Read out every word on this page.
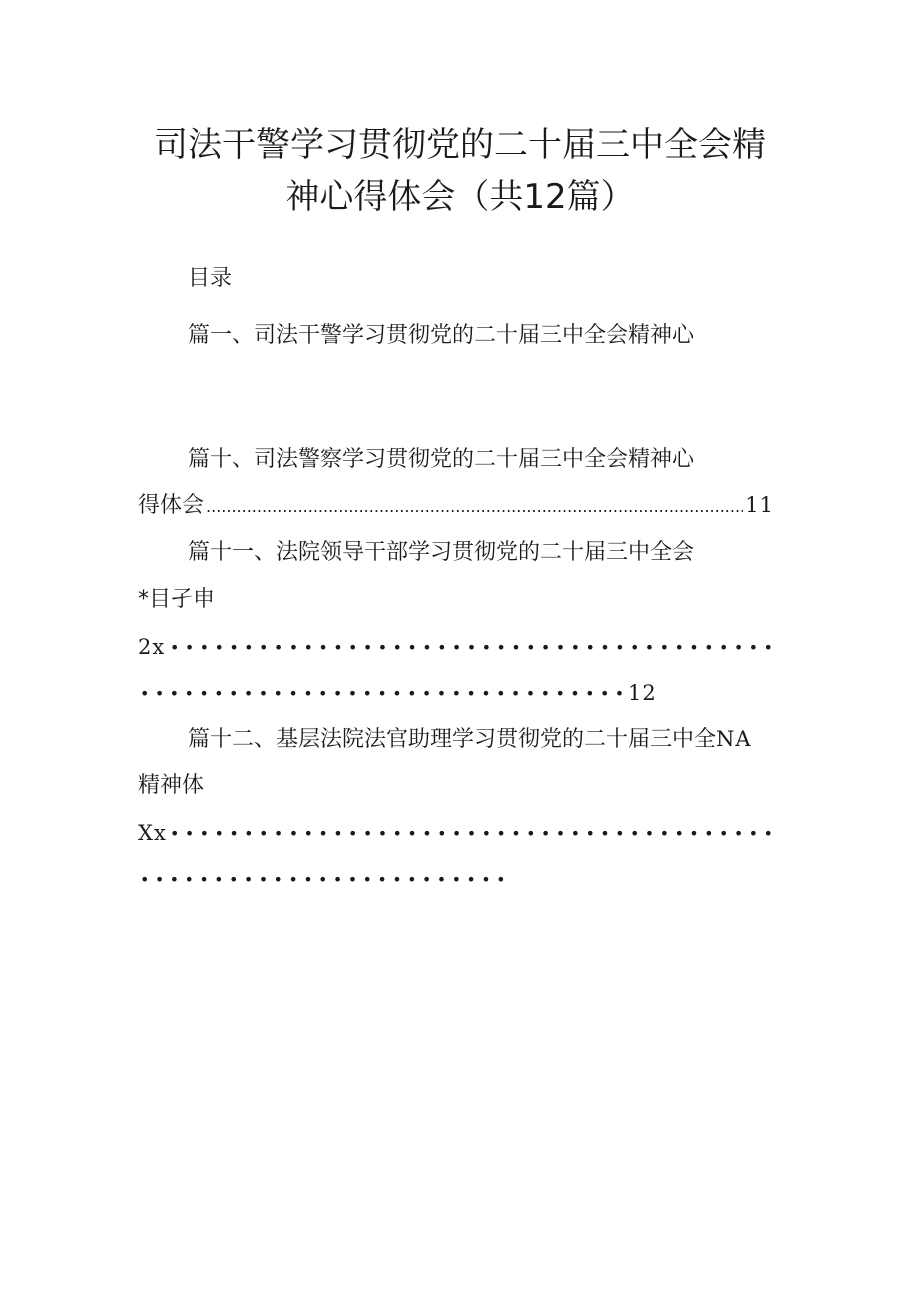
司法干警学习贯彻党的二十届三中全会精
神心得体会（共12篇）
目录
篇一、司法干警学习贯彻党的二十届三中全会精神心
篇十、司法警察学习贯彻党的二十届三中全会精神心
得体会
.....	11
篇十一、法院领导干部学习贯彻党的二十届三中全会
*目孑申
2x
•••••
•••••
12
篇十二、基层法院法官助理学习贯彻党的二十届三中全NA
精神体
Xx
•••••
•••••
